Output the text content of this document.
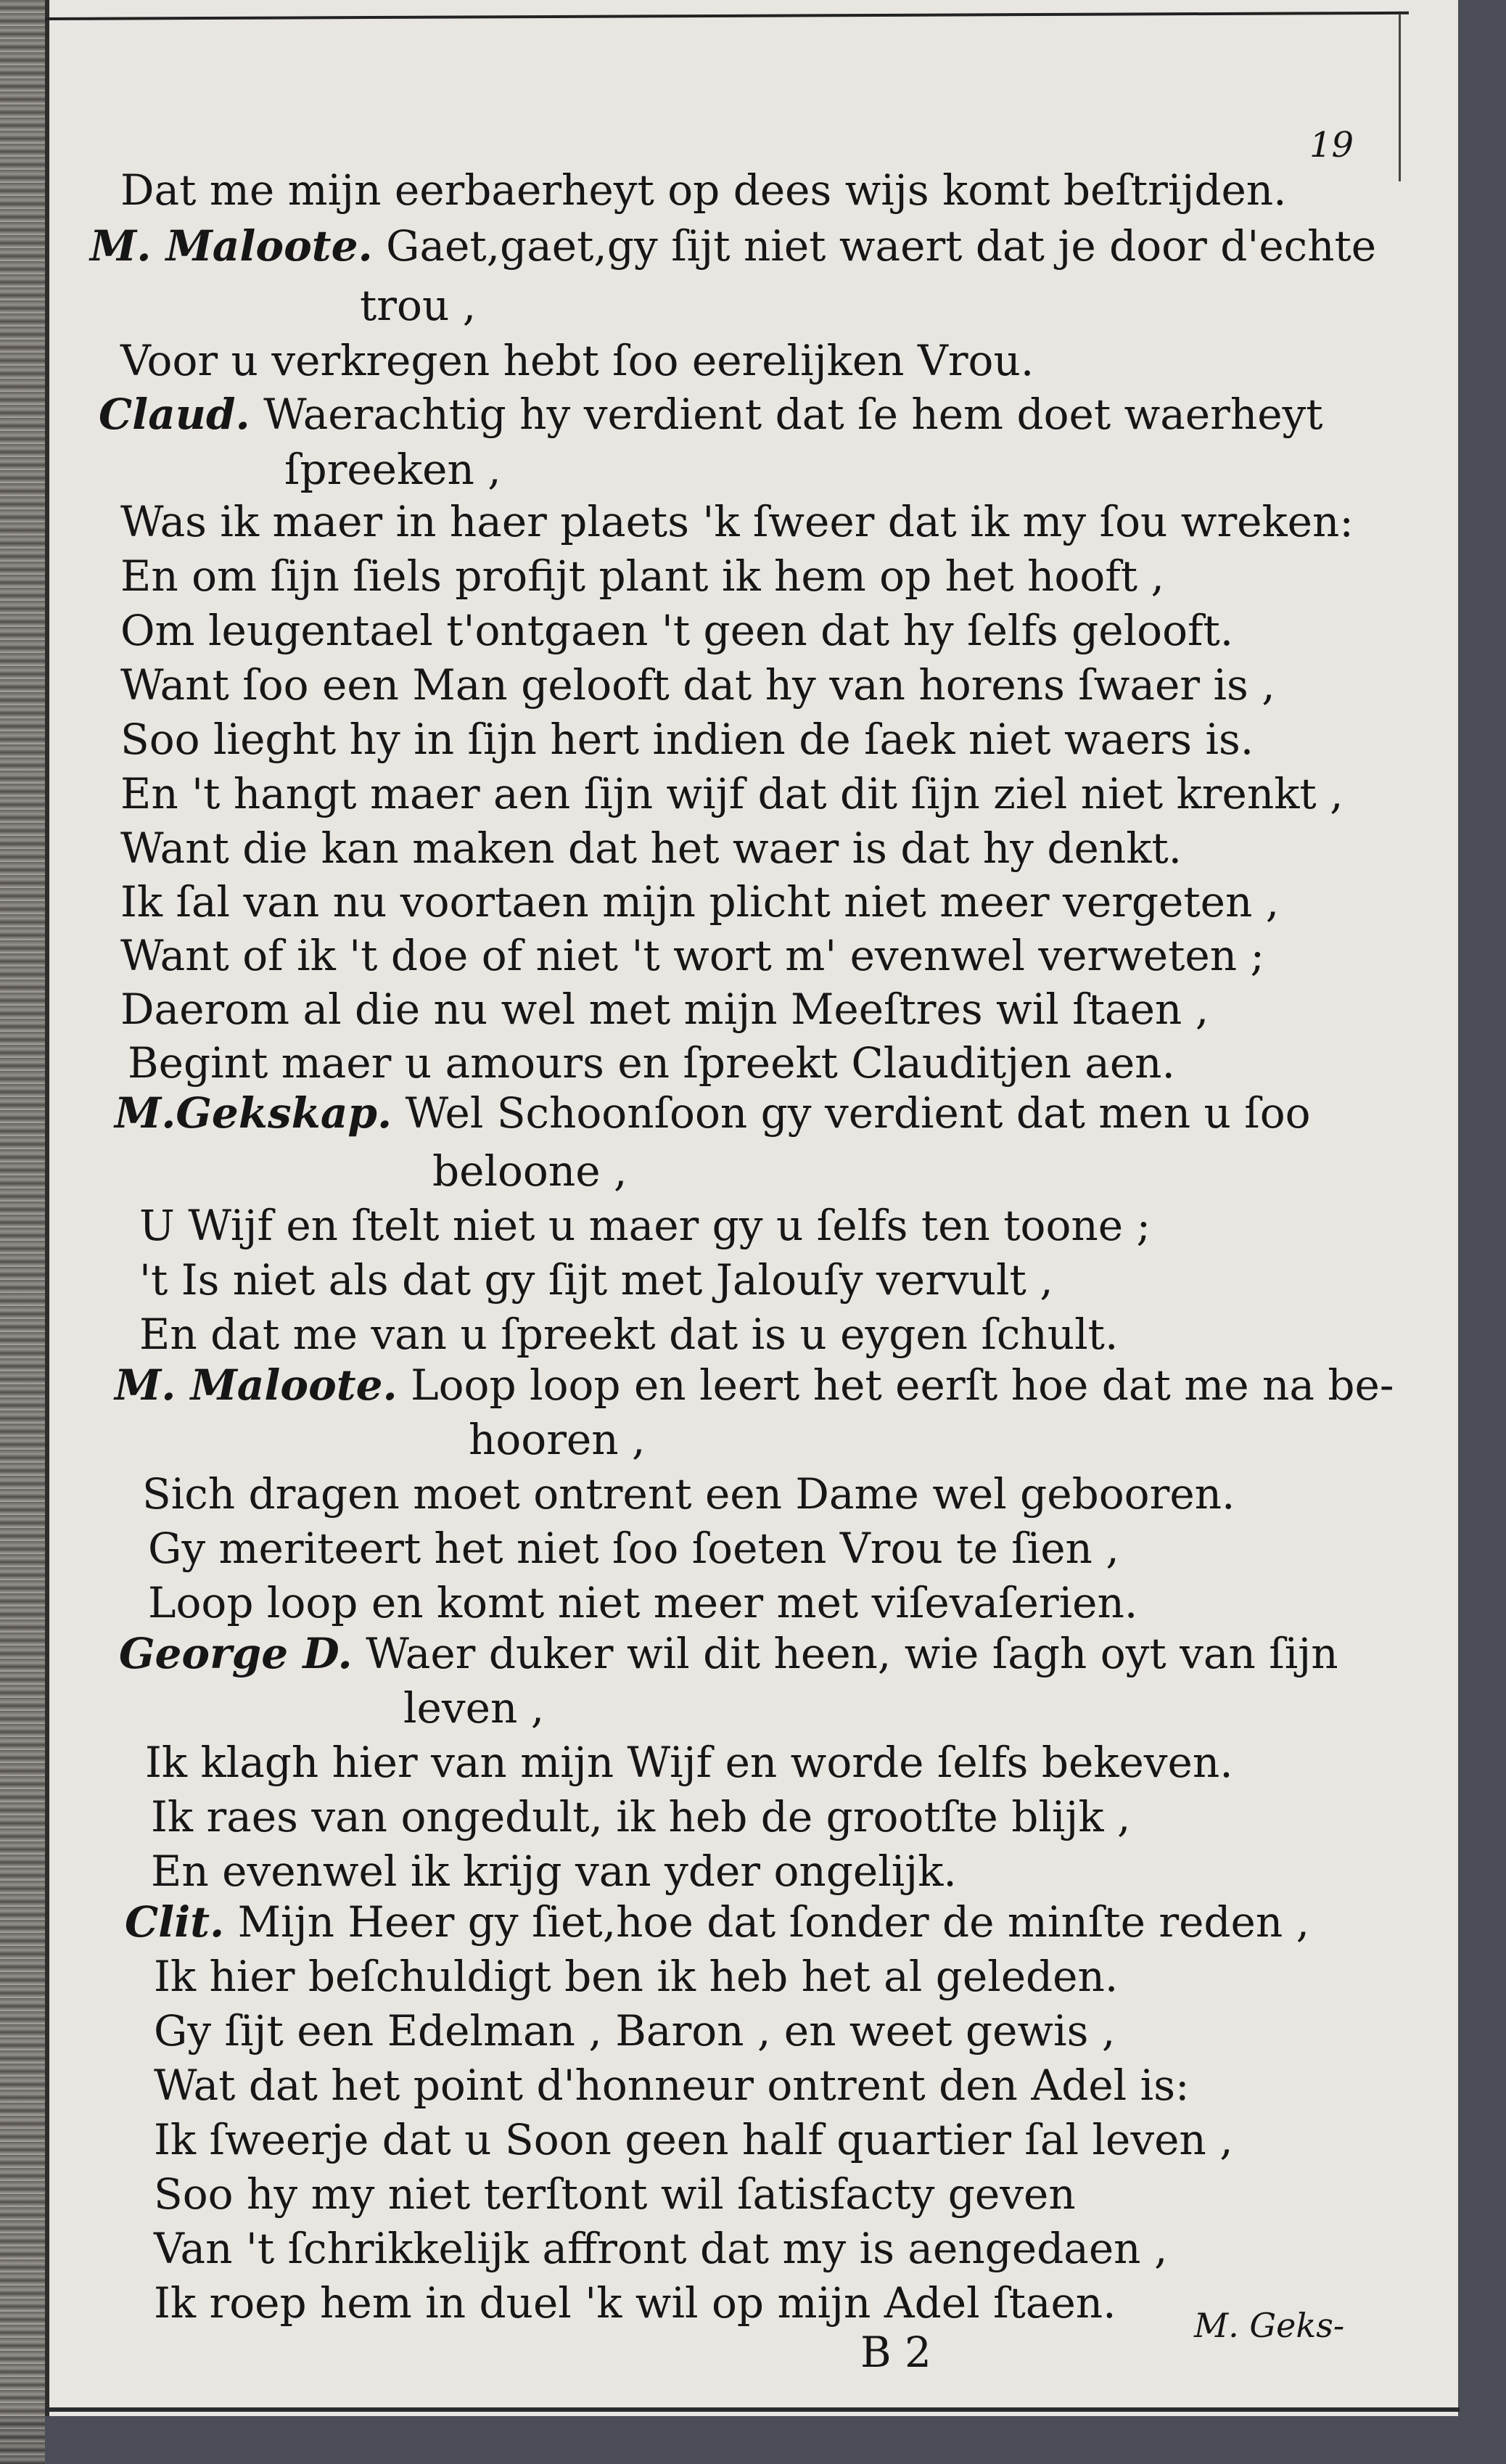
19
Dat me mijn eerbaerheyt op dees wijs komt beſtrijden.
M. Maloote. Gaet,gaet,gy ſijt niet waert dat je door d'echte
trou ,
Voor u verkregen hebt ſoo eerelijken Vrou.
Claud. Waerachtig hy verdient dat ſe hem doet waerheyt
ſpreeken ,
Was ik maer in haer plaets 'k ſweer dat ik my ſou wreken:
En om ſijn ſiels profijt plant ik hem op het hooft ,
Om leugentael t'ontgaen 't geen dat hy ſelfs gelooft.
Want ſoo een Man gelooft dat hy van horens ſwaer is ,
Soo lieght hy in ſijn hert indien de ſaek niet waers is.
En 't hangt maer aen ſijn wijf dat dit ſijn ziel niet krenkt ,
Want die kan maken dat het waer is dat hy denkt.
Ik ſal van nu voortaen mijn plicht niet meer vergeten ,
Want of ik 't doe of niet 't wort m' evenwel verweten ;
Daerom al die nu wel met mijn Meeſtres wil ſtaen ,
Begint maer u amours en ſpreekt Clauditjen aen.
M.Gekskap. Wel Schoonſoon gy verdient dat men u ſoo
beloone ,
U Wijf en ſtelt niet u maer gy u ſelfs ten toone ;
't Is niet als dat gy ſijt met Jalouſy vervult ,
En dat me van u ſpreekt dat is u eygen ſchult.
M. Maloote. Loop loop en leert het eerſt hoe dat me na be-
hooren ,
Sich dragen moet ontrent een Dame wel gebooren.
Gy meriteert het niet ſoo ſoeten Vrou te ſien ,
Loop loop en komt niet meer met viſevaſerien.
George D. Waer duker wil dit heen, wie ſagh oyt van ſijn
leven ,
Ik klagh hier van mijn Wijf en worde ſelfs bekeven.
Ik raes van ongedult, ik heb de grootſte blijk ,
En evenwel ik krijg van yder ongelijk.
Clit. Mijn Heer gy ſiet,hoe dat ſonder de minſte reden ,
Ik hier beſchuldigt ben ik heb het al geleden.
Gy ſijt een Edelman , Baron , en weet gewis ,
Wat dat het point d'honneur ontrent den Adel is:
Ik ſweerje dat u Soon geen half quartier ſal leven ,
Soo hy my niet terſtont wil ſatisfacty geven
Van 't ſchrikkelijk affront dat my is aengedaen ,
Ik roep hem in duel 'k wil op mijn Adel ſtaen. M. Geks-
B 2
